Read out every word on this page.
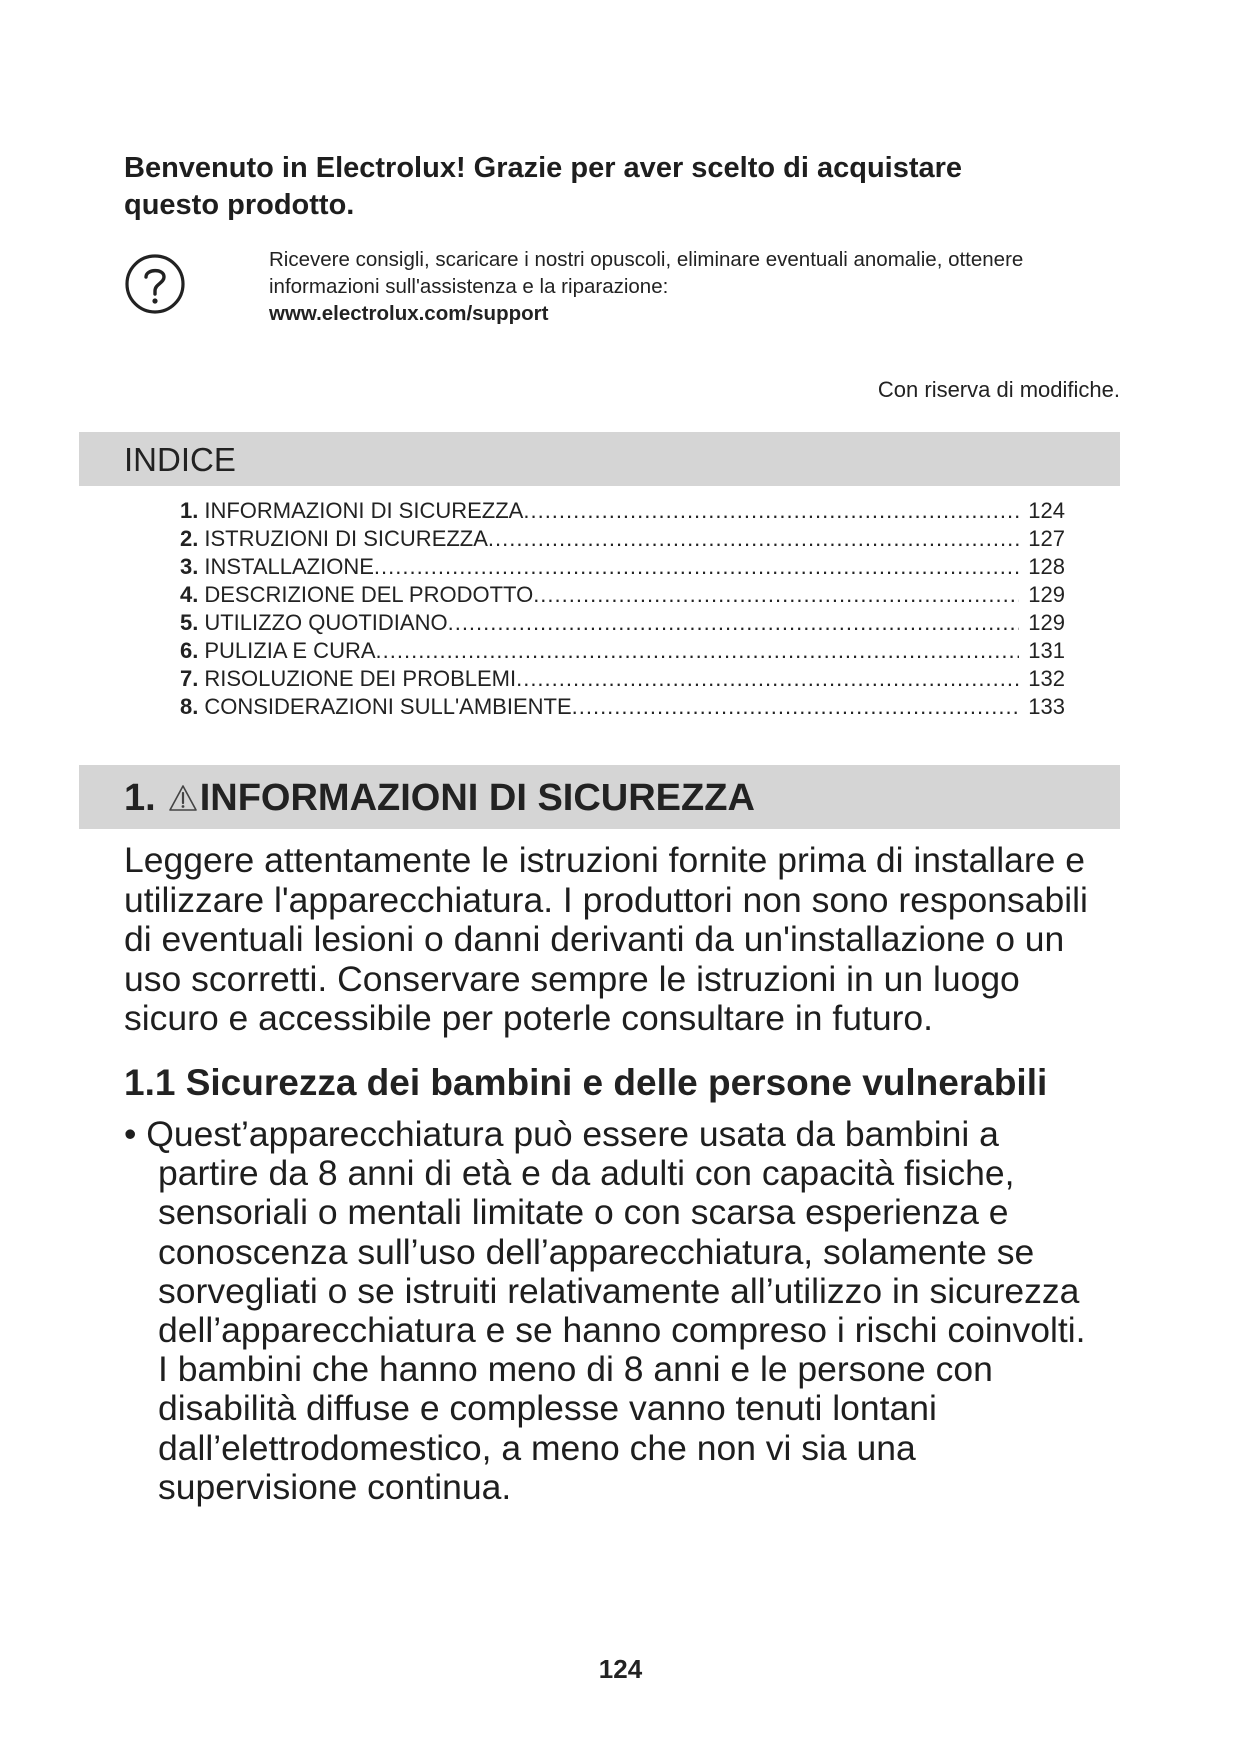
Benvenuto in Electrolux! Grazie per aver scelto di acquistare
questo prodotto.
Ricevere consigli, scaricare i nostri opuscoli, eliminare eventuali anomalie, ottenere
informazioni sull'assistenza e la riparazione:
www.electrolux.com/support
Con riserva di modifiche.
INDICE
1. INFORMAZIONI DI SICUREZZA .....	124
2. ISTRUZIONI DI SICUREZZA .....	127
3. INSTALLAZIONE .....	128
4. DESCRIZIONE DEL PRODOTTO .....	129
5. UTILIZZO QUOTIDIANO .....	129
6. PULIZIA E CURA .....	131
7. RISOLUZIONE DEI PROBLEMI .....	132
8. CONSIDERAZIONI SULL'AMBIENTE .....	133
1. INFORMAZIONI DI SICUREZZA
Leggere attentamente le istruzioni fornite prima di installare e
utilizzare l'apparecchiatura. I produttori non sono responsabili
di eventuali lesioni o danni derivanti da un'installazione o un
uso scorretti. Conservare sempre le istruzioni in un luogo
sicuro e accessibile per poterle consultare in futuro.
1.1 Sicurezza dei bambini e delle persone vulnerabili
• Quest’apparecchiatura può essere usata da bambini a
partire da 8 anni di età e da adulti con capacità fisiche,
sensoriali o mentali limitate o con scarsa esperienza e
conoscenza sull’uso dell’apparecchiatura, solamente se
sorvegliati o se istruiti relativamente all’utilizzo in sicurezza
dell’apparecchiatura e se hanno compreso i rischi coinvolti.
I bambini che hanno meno di 8 anni e le persone con
disabilità diffuse e complesse vanno tenuti lontani
dall’elettrodomestico, a meno che non vi sia una
supervisione continua.
124
